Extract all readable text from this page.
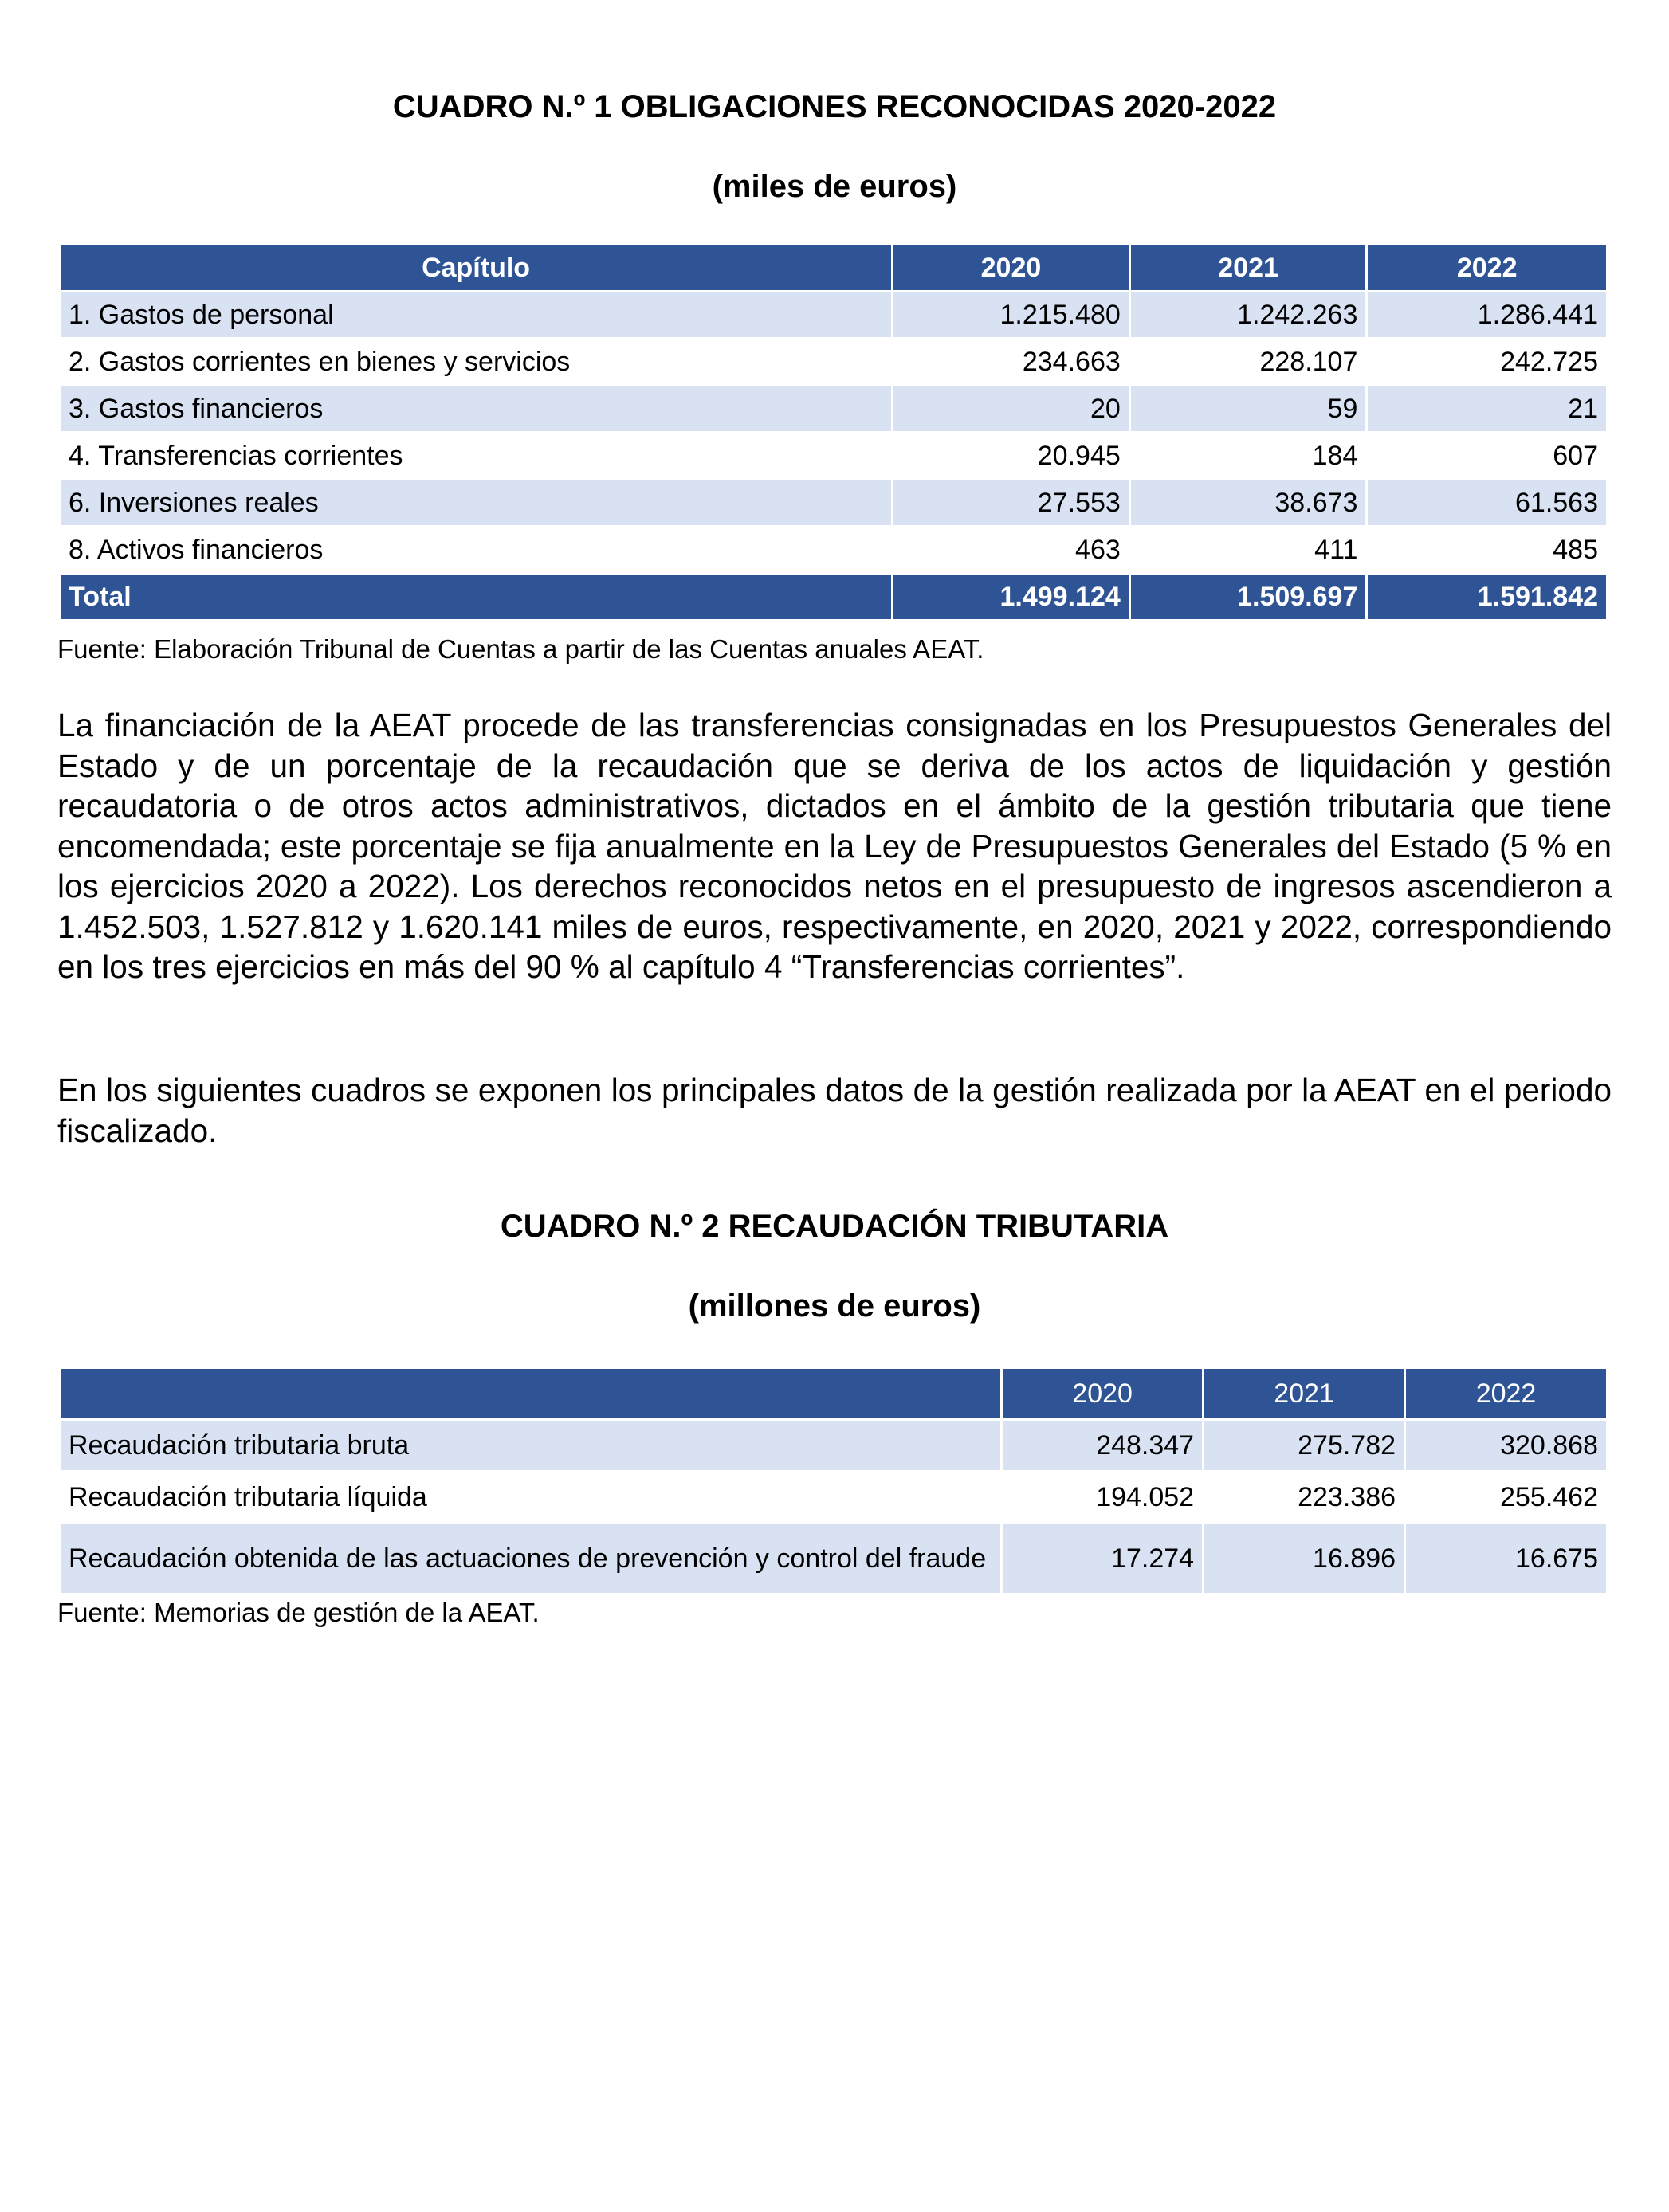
CUADRO N.º 1 OBLIGACIONES RECONOCIDAS 2020-2022
(miles de euros)
Capítulo	2020	2021	2022
1. Gastos de personal	1.215.480	1.242.263	1.286.441
2. Gastos corrientes en bienes y servicios	234.663	228.107	242.725
3. Gastos financieros	20	59	21
4. Transferencias corrientes	20.945	184	607
6. Inversiones reales	27.553	38.673	61.563
8. Activos financieros	463	411	485
Total	1.499.124	1.509.697	1.591.842

Fuente: Elaboración Tribunal de Cuentas a partir de las Cuentas anuales AEAT.

La financiación de la AEAT procede de las transferencias consignadas en los Presupuestos Generales del Estado y de un porcentaje de la recaudación que se deriva de los actos de liquidación y gestión recaudatoria o de otros actos administrativos, dictados en el ámbito de la gestión tributaria que tiene encomendada; este porcentaje se fija anualmente en la Ley de Presupuestos Generales del Estado (5 % en los ejercicios 2020 a 2022). Los derechos reconocidos netos en el presupuesto de ingresos ascendieron a 1.452.503, 1.527.812 y 1.620.141 miles de euros, respectivamente, en 2020, 2021 y 2022, correspondiendo en los tres ejercicios en más del 90 % al capítulo 4 “Transferencias corrientes”.

En los siguientes cuadros se exponen los principales datos de la gestión realizada por la AEAT en el periodo fiscalizado.

CUADRO N.º 2 RECAUDACIÓN TRIBUTARIA
(millones de euros)
	2020	2021	2022
Recaudación tributaria bruta	248.347	275.782	320.868
Recaudación tributaria líquida	194.052	223.386	255.462
Recaudación obtenida de las actuaciones de prevención y control del fraude	17.274	16.896	16.675

Fuente: Memorias de gestión de la AEAT.
